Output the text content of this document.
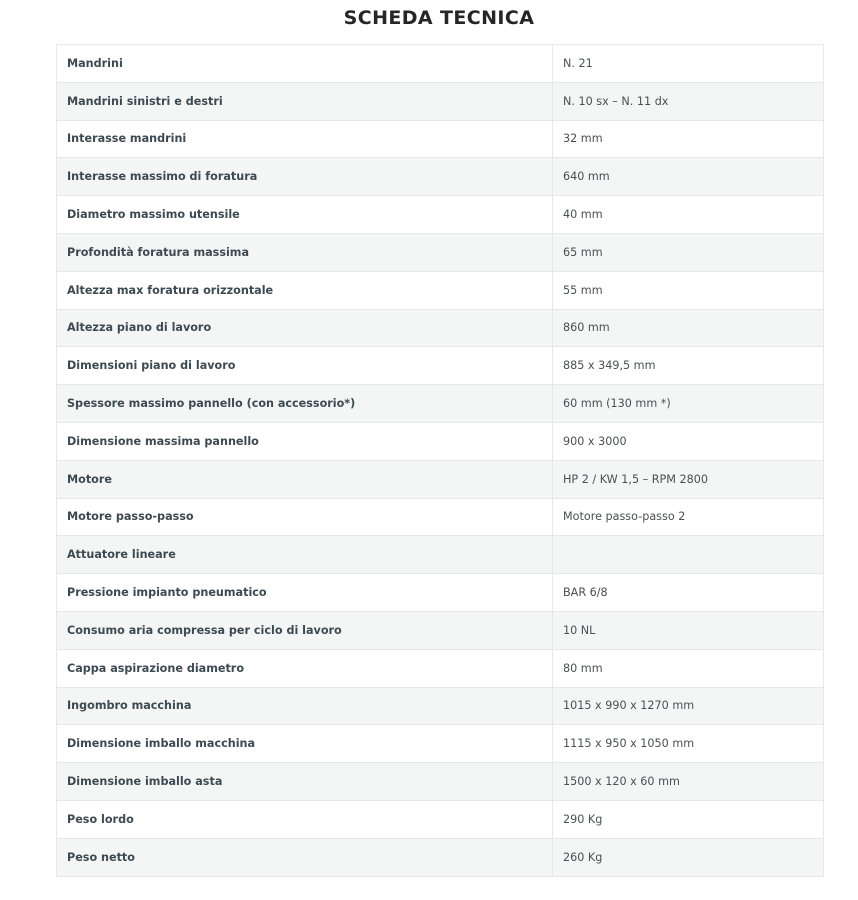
SCHEDA TECNICA
Mandrini	N. 21
Mandrini sinistri e destri	N. 10 sx – N. 11 dx
Interasse mandrini	32 mm
Interasse massimo di foratura	640 mm
Diametro massimo utensile	40 mm
Profondità foratura massima	65 mm
Altezza max foratura orizzontale	55 mm
Altezza piano di lavoro	860 mm
Dimensioni piano di lavoro	885 x 349,5 mm
Spessore massimo pannello (con accessorio*)	60 mm (130 mm *)
Dimensione massima pannello	900 x 3000
Motore	HP 2 / KW 1,5 – RPM 2800
Motore passo-passo	Motore passo-passo 2
Attuatore lineare	
Pressione impianto pneumatico	BAR 6/8
Consumo aria compressa per ciclo di lavoro	10 NL
Cappa aspirazione diametro	80 mm
Ingombro macchina	1015 x 990 x 1270 mm
Dimensione imballo macchina	1115 x 950 x 1050 mm
Dimensione imballo asta	1500 x 120 x 60 mm
Peso lordo	290 Kg
Peso netto	260 Kg
